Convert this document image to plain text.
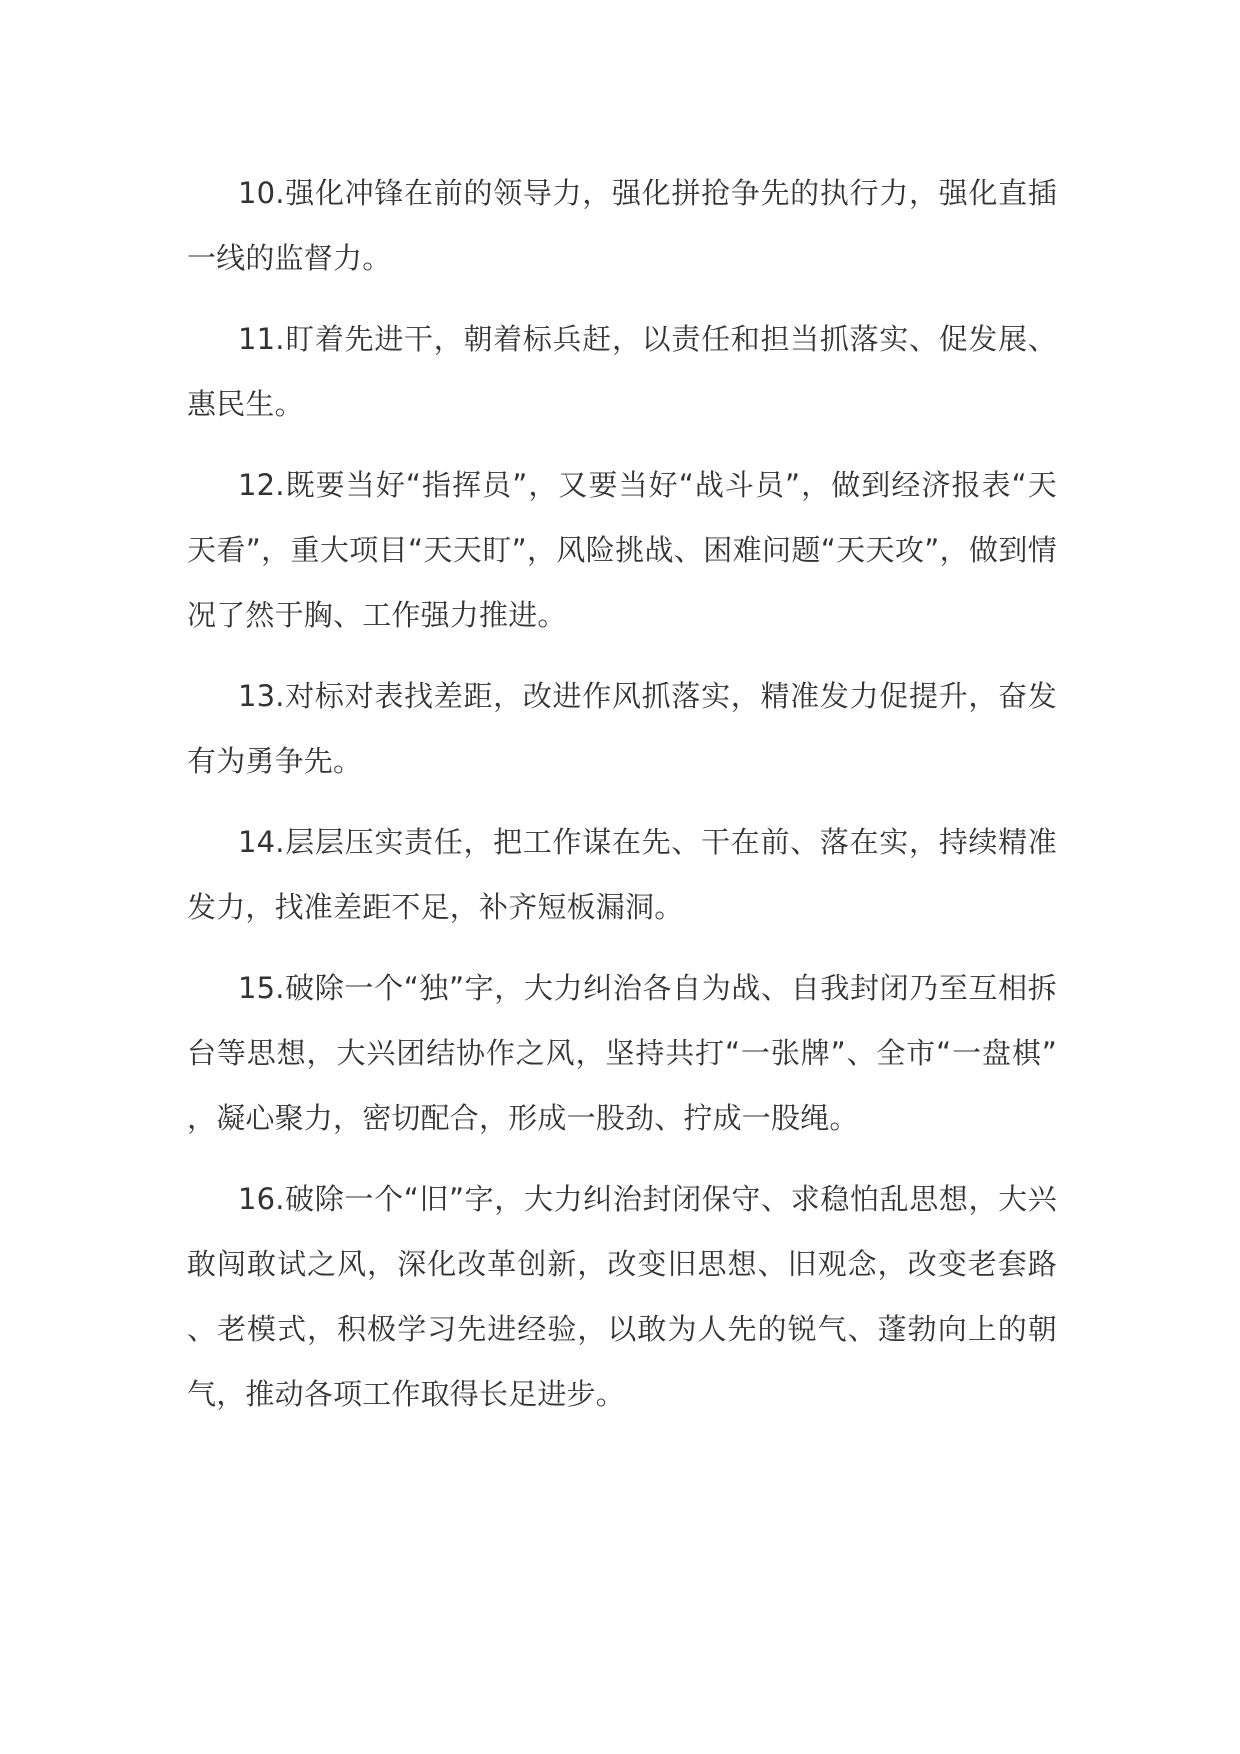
10.强化冲锋在前的领导力，强化拼抢争先的执行力，强化直插一线的监督力。

11.盯着先进干，朝着标兵赶，以责任和担当抓落实、促发展、惠民生。

12.既要当好“指挥员”，又要当好“战斗员”，做到经济报表“天天看”，重大项目“天天盯”，风险挑战、困难问题“天天攻”，做到情况了然于胸、工作强力推进。

13.对标对表找差距，改进作风抓落实，精准发力促提升，奋发有为勇争先。

14.层层压实责任，把工作谋在先、干在前、落在实，持续精准发力，找准差距不足，补齐短板漏洞。

15.破除一个“独”字，大力纠治各自为战、自我封闭乃至互相拆台等思想，大兴团结协作之风，坚持共打“一张牌”、全市“一盘棋”，凝心聚力，密切配合，形成一股劲、拧成一股绳。

16.破除一个“旧”字，大力纠治封闭保守、求稳怕乱思想，大兴敢闯敢试之风，深化改革创新，改变旧思想、旧观念，改变老套路、老模式，积极学习先进经验，以敢为人先的锐气、蓬勃向上的朝气，推动各项工作取得长足进步。
